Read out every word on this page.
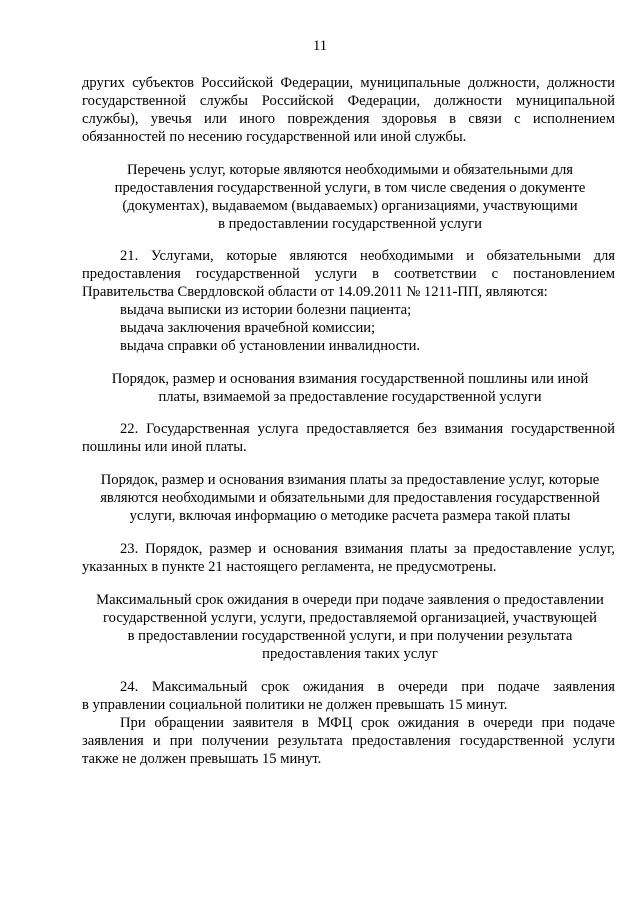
11
других субъектов Российской Федерации, муниципальные должности, должности
государственной службы Российской Федерации, должности муниципальной
службы), увечья или иного повреждения здоровья в связи с исполнением
обязанностей по несению государственной или иной службы.
Перечень услуг, которые являются необходимыми и обязательными для
предоставления государственной услуги, в том числе сведения о документе
(документах), выдаваемом (выдаваемых) организациями, участвующими
в предоставлении государственной услуги
21. Услугами, которые являются необходимыми и обязательными для
предоставления государственной услуги в соответствии с постановлением
Правительства Свердловской области от 14.09.2011 № 1211-ПП, являются:
выдача выписки из истории болезни пациента;
выдача заключения врачебной комиссии;
выдача справки об установлении инвалидности.
Порядок, размер и основания взимания государственной пошлины или иной
платы, взимаемой за предоставление государственной услуги
22. Государственная услуга предоставляется без взимания государственной
пошлины или иной платы.
Порядок, размер и основания взимания платы за предоставление услуг, которые
являются необходимыми и обязательными для предоставления государственной
услуги, включая информацию о методике расчета размера такой платы
23. Порядок, размер и основания взимания платы за предоставление услуг,
указанных в пункте 21 настоящего регламента, не предусмотрены.
Максимальный срок ожидания в очереди при подаче заявления о предоставлении
государственной услуги, услуги, предоставляемой организацией, участвующей
в предоставлении государственной услуги, и при получении результата
предоставления таких услуг
24. Максимальный срок ожидания в очереди при подаче заявления
в управлении социальной политики не должен превышать 15 минут.
При обращении заявителя в МФЦ срок ожидания в очереди при подаче
заявления и при получении результата предоставления государственной услуги
также не должен превышать 15 минут.
